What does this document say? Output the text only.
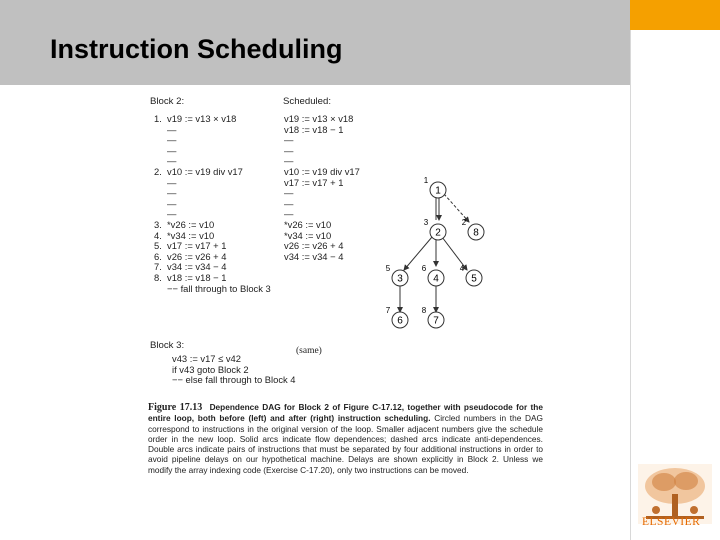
Instruction Scheduling
Block 2:	Scheduled:
1.  v19 := v13 × v18
—
—
—
—
2.  v10 := v19 div v17
—
—
—
—
3.  *v26 := v10
4.  *v34 := v10
5.  v17 := v17 + 1
6.  v26 := v26 + 4
7.  v34 := v34 − 4
8.  v18 := v18 − 1
−− fall through to Block 3
v19 := v13 × v18
v18 := v18 − 1
—
—
—
v10 := v19 div v17
v17 := v17 + 1
—
—
—
*v26 := v10
*v34 := v10
v26 := v26 + 4
v34 := v34 − 4
Block 3:
v43 := v17 ≤ v42
if v43 goto Block 2
−− else fall through to Block 4
(same)
1
1
2
3
8
2
3
5
4
6
5
4
6
7
7
8
Figure 17.13 Dependence DAG for Block 2 of Figure C-17.12, together with pseudocode for the entire loop, both before (left) and after (right) instruction scheduling. Circled numbers in the DAG correspond to instructions in the original version of the loop. Smaller adjacent numbers give the schedule order in the new loop. Solid arcs indicate flow dependences; dashed arcs indicate anti-dependences. Double arcs indicate pairs of instructions that must be separated by four additional instructions in order to avoid pipeline delays on our hypothetical machine. Delays are shown explicitly in Block 2. Unless we modify the array indexing code (Exercise C-17.20), only two instructions can be moved.
ELSEVIER
